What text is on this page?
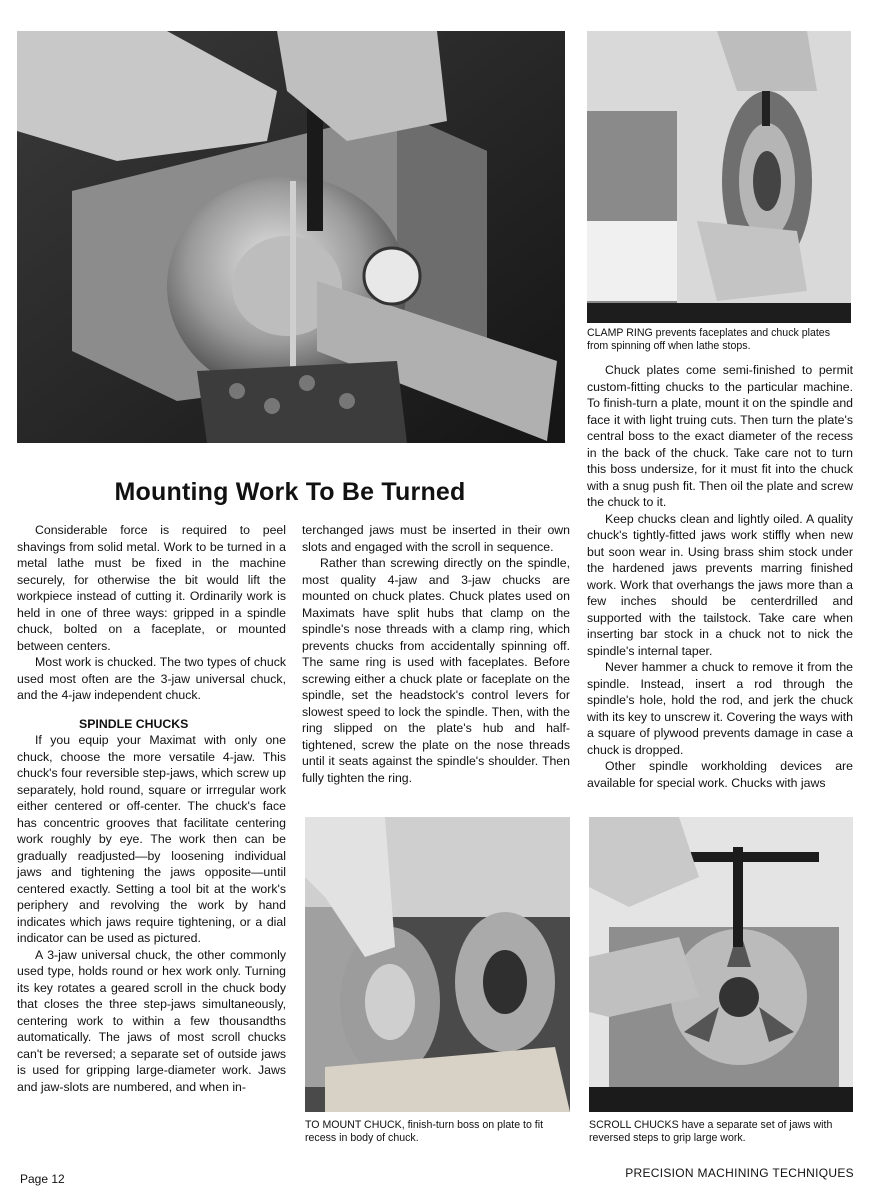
CLAMP RING prevents faceplates and chuck plates from spinning off when lathe stops.
Mounting Work To Be Turned

Considerable force is required to peel shavings from solid metal. Work to be turned in a metal lathe must be fixed in the machine securely, for otherwise the bit would lift the workpiece instead of cutting it. Ordinarily work is held in one of three ways: gripped in a spindle chuck, bolted on a faceplate, or mounted between centers.

Most work is chucked. The two types of chuck used most often are the 3-jaw universal chuck, and the 4-jaw independent chuck.

SPINDLE CHUCKS

If you equip your Maximat with only one chuck, choose the more versatile 4-jaw. This chuck's four reversible step-jaws, which screw up separately, hold round, square or irrregular work either centered or off-center. The chuck's face has concentric grooves that facilitate centering work roughly by eye. The work then can be gradually readjusted—by loosening individual jaws and tightening the jaws opposite—until centered exactly. Setting a tool bit at the work's periphery and revolving the work by hand indicates which jaws require tightening, or a dial indicator can be used as pictured.

A 3-jaw universal chuck, the other commonly used type, holds round or hex work only. Turning its key rotates a geared scroll in the chuck body that closes the three step-jaws simultaneously, centering work to within a few thousandths automatically. The jaws of most scroll chucks can't be reversed; a separate set of outside jaws is used for gripping large-diameter work. Jaws and jaw-slots are numbered, and when in-

terchanged jaws must be inserted in their own slots and engaged with the scroll in sequence.

Rather than screwing directly on the spindle, most quality 4-jaw and 3-jaw chucks are mounted on chuck plates. Chuck plates used on Maximats have split hubs that clamp on the spindle's nose threads with a clamp ring, which prevents chucks from accidentally spinning off. The same ring is used with faceplates. Before screwing either a chuck plate or faceplate on the spindle, set the headstock's control levers for slowest speed to lock the spindle. Then, with the ring slipped on the plate's hub and half-tightened, screw the plate on the nose threads until it seats against the spindle's shoulder. Then fully tighten the ring.

TO MOUNT CHUCK, finish-turn boss on plate to fit recess in body of chuck.

Chuck plates come semi-finished to permit custom-fitting chucks to the particular machine. To finish-turn a plate, mount it on the spindle and face it with light truing cuts. Then turn the plate's central boss to the exact diameter of the recess in the back of the chuck. Take care not to turn this boss undersize, for it must fit into the chuck with a snug push fit. Then oil the plate and screw the chuck to it.

Keep chucks clean and lightly oiled. A quality chuck's tightly-fitted jaws work stiffly when new but soon wear in. Using brass shim stock under the hardened jaws prevents marring finished work. Work that overhangs the jaws more than a few inches should be centerdrilled and supported with the tailstock. Take care when inserting bar stock in a chuck not to nick the spindle's internal taper.

Never hammer a chuck to remove it from the spindle. Instead, insert a rod through the spindle's hole, hold the rod, and jerk the chuck with its key to unscrew it. Covering the ways with a square of plywood prevents damage in case a chuck is dropped.

Other spindle workholding devices are available for special work. Chucks with jaws

SCROLL CHUCKS have a separate set of jaws with reversed steps to grip large work.
Page 12	PRECISION MACHINING TECHNIQUES
